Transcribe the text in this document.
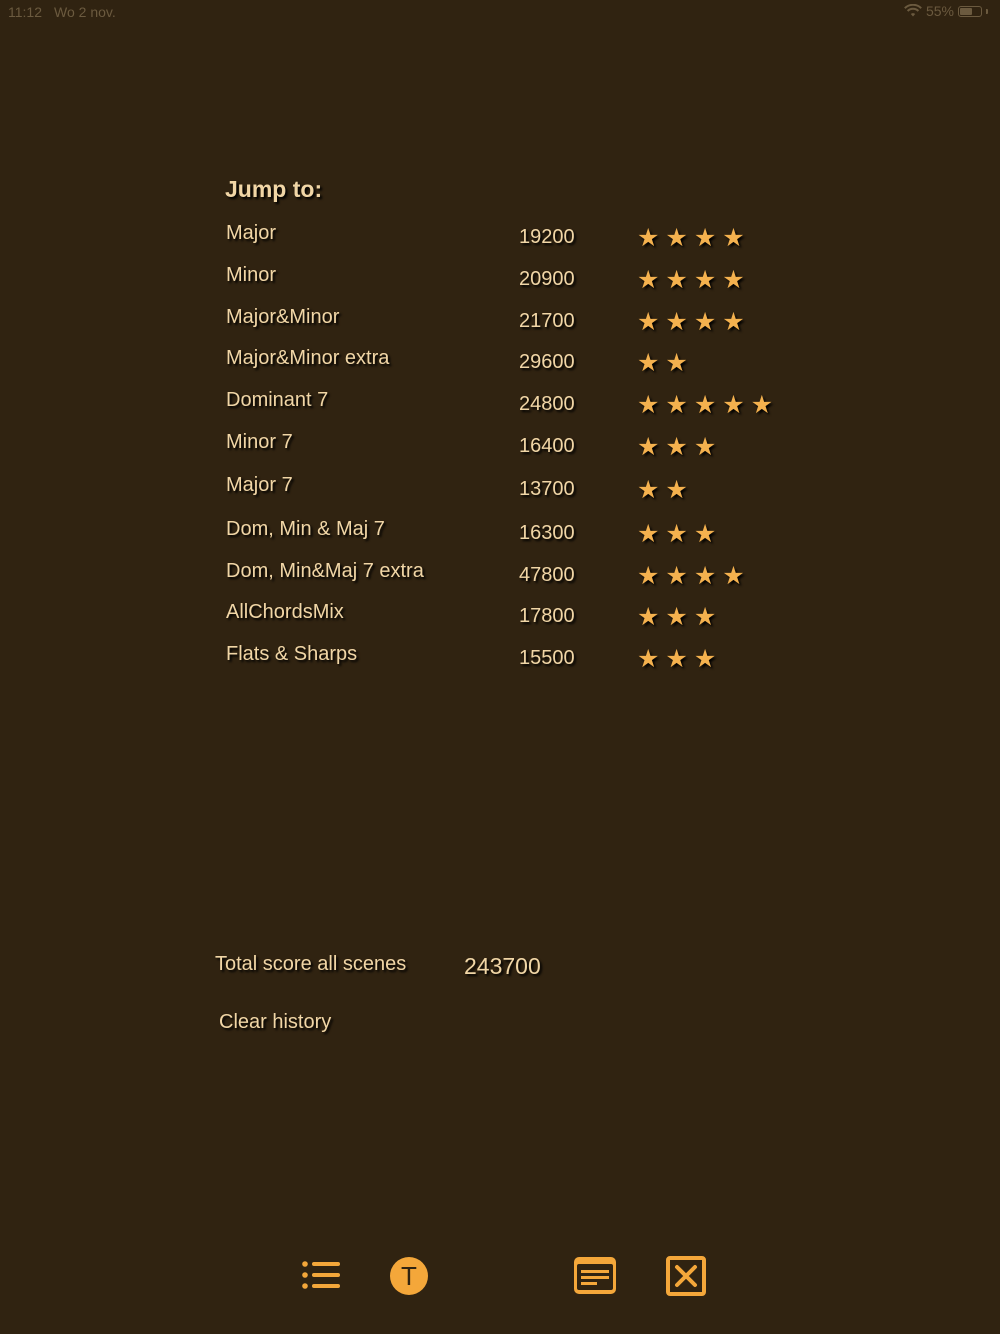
11:12 Wo 2 nov.	55%
Jump to:
Major	19200 ★★★★
Minor	20900 ★★★★
Major&Minor	21700 ★★★★
Major&Minor extra	29600 ★★
Dominant 7	24800 ★★★★★
Minor 7	16400 ★★★
Major 7	13700 ★★
Dom, Min & Maj 7	16300 ★★★
Dom, Min&Maj 7 extra	47800 ★★★★
AllChordsMix	17800 ★★★
Flats & Sharps	15500 ★★★
Total score all scenes	243700
Clear history
T
